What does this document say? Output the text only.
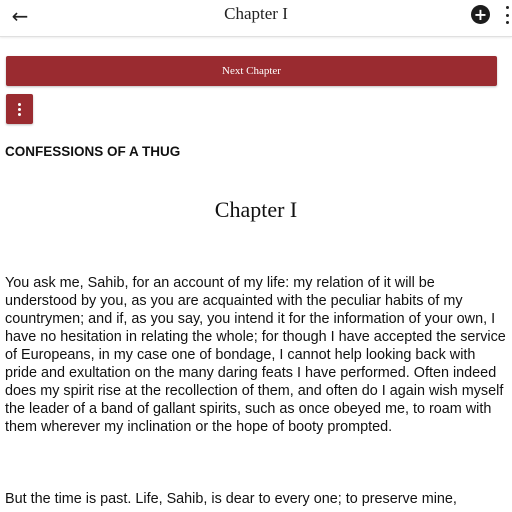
←	Chapter I	+
Next Chapter
CONFESSIONS OF A THUG
Chapter I

You ask me, Sahib, for an account of my life: my relation of it will be understood by you, as you are acquainted with the peculiar habits of my countrymen; and if, as you say, you intend it for the information of your own, I have no hesitation in relating the whole; for though I have accepted the service of Europeans, in my case one of bondage, I cannot help looking back with pride and exultation on the many daring feats I have performed. Often indeed does my spirit rise at the recollection of them, and often do I again wish myself the leader of a band of gallant spirits, such as once obeyed me, to roam with them wherever my inclination or the hope of booty prompted.

But the time is past. Life, Sahib, is dear to every one; to preserve mine,
